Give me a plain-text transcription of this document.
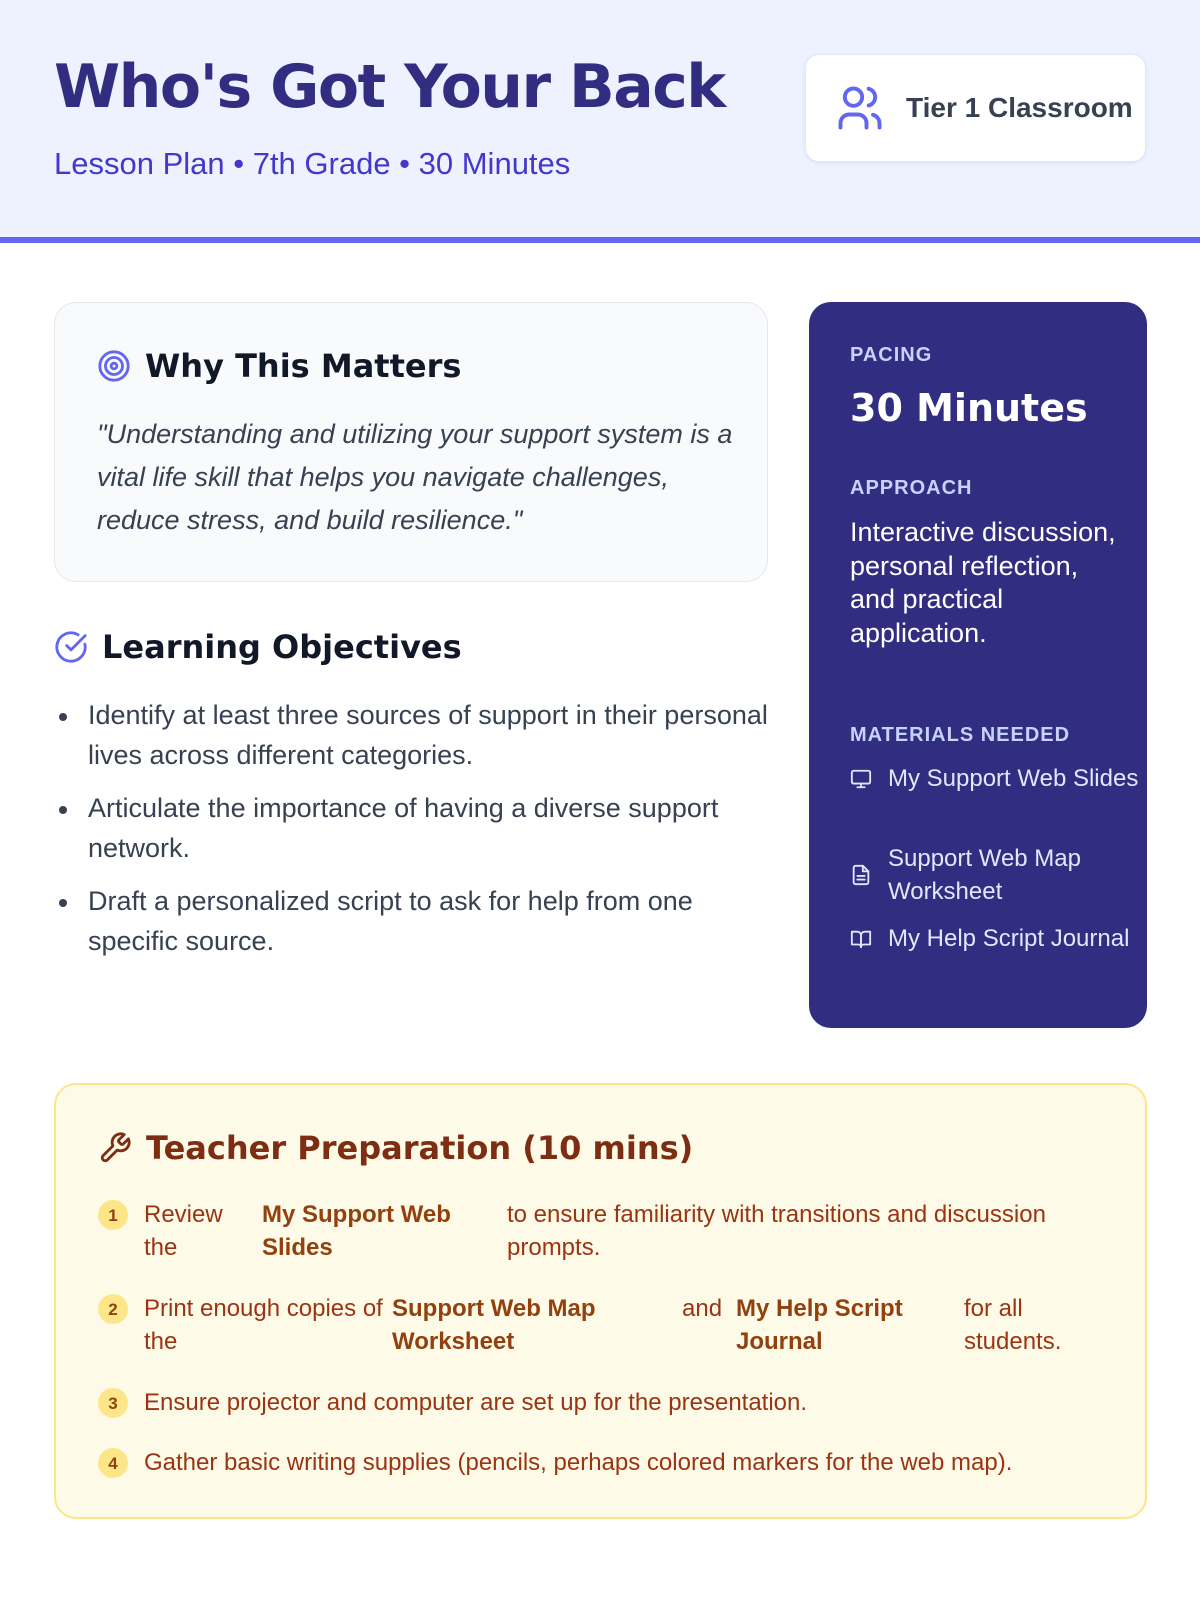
Who's Got Your Back
Lesson Plan • 7th Grade • 30 Minutes
Tier 1 Classroom
Why This Matters

"Understanding and utilizing your support system is a vital life skill that helps you navigate challenges, reduce stress, and build resilience."

Learning Objectives
Identify at least three sources of support in their personal lives across different categories.
Articulate the importance of having a diverse support network.
Draft a personalized script to ask for help from one specific source.
PACING
30 Minutes
APPROACH
Interactive discussion, personal reflection, and practical application.
MATERIALS NEEDED
My Support Web Slides
Support Web Map Worksheet
My Help Script Journal
Teacher Preparation (10 mins)
1	Review the
My Support Web Slides
to ensure familiarity with transitions and discussion prompts.
2	Print enough copies of the
Support Web Map Worksheet
and My Help Script Journal
for all students.
3	Ensure projector and computer are set up for the presentation.
4	Gather basic writing supplies (pencils, perhaps colored markers for the web map).
